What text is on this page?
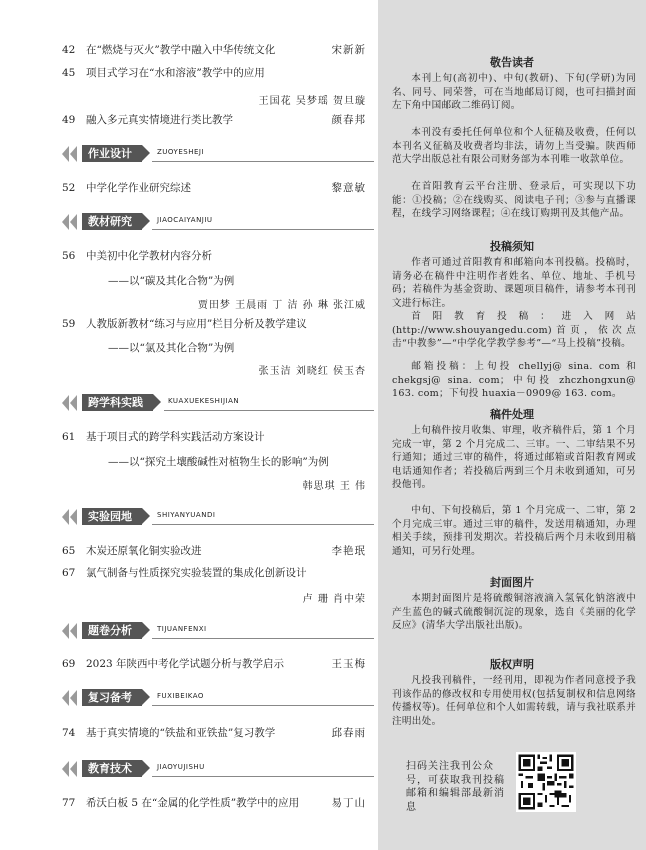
42	在“燃烧与灭火”教学中融入中华传统文化	宋新新
45	项目式学习在“水和溶液”教学中的应用
王国花 吴梦瑶 贺旦璇
49	融入多元真实情境进行类比教学	颜春邦
作业设计	ZUOYESHEJI
52	中学化学作业研究综述	黎意敏
教材研究	JIAOCAIYANJIU
56	中美初中化学教材内容分析
——以“碳及其化合物”为例
贾田梦 王晨雨 丁 洁 孙 琳 张江威
59	人教版新教材“练习与应用”栏目分析及教学建议
——以“氯及其化合物”为例
张玉洁 刘晓红 侯玉杏
跨学科实践	KUAXUEKESHIJIAN
61	基于项目式的跨学科实践活动方案设计
——以“探究土壤酸碱性对植物生长的影响”为例
韩思琪 王 伟
实验园地	SHIYANYUANDI
65	木炭还原氧化铜实验改进	李艳珉
67	氯气制备与性质探究实验装置的集成化创新设计
卢 珊 肖中荣
题卷分析	TIJUANFENXI
69	2023 年陕西中考化学试题分析与教学启示	王玉梅
复习备考	FUXIBEIKAO
74	基于真实情境的“铁盐和亚铁盐”复习教学	邱春雨
教育技术	JIAOYUJISHU
77	希沃白板 5 在“金属的化学性质”教学中的应用	易丁山
敬告读者
本刊上旬(高初中)、中旬(教研)、下旬(学研)为同名、同号、同荣誉，可在当地邮局订阅，也可扫描封面左下角中国邮政二维码订阅。
本刊没有委托任何单位和个人征稿及收费，任何以本刊名义征稿及收费者均非法，请勿上当受骗。陕西师范大学出版总社有限公司财务部为本刊唯一收款单位。
在首阳教育云平台注册、登录后，可实现以下功能：①投稿；②在线购买、阅读电子刊；③参与直播课程，在线学习网络课程；④在线订购期刊及其他产品。
投稿须知
作者可通过首阳教育和邮箱向本刊投稿。投稿时，请务必在稿件中注明作者姓名、单位、地址、手机号码；若稿件为基金资助、课题项目稿件，请参考本刊刊文进行标注。
首阳教育投稿：进入网站(http://www.shouyangedu.com)首页，依次点击“中教参”—“中学化学教学参考”—“马上投稿”投稿。
邮箱投稿：上旬投 chellyj@ sina. com 和 chekgsj@ sina. com；中旬投 zhczhongxun@ 163. com；下旬投 huaxia－0909@ 163. com。
稿件处理
上旬稿件按月收集、审理，收齐稿件后，第 1 个月完成一审，第 2 个月完成二、三审。一、二审结果不另行通知；通过三审的稿件，将通过邮箱或首阳教育网或电话通知作者；若投稿后两到三个月未收到通知，可另投他刊。
中旬、下旬投稿后，第 1 个月完成一、二审，第 2 个月完成三审。通过三审的稿件，发送用稿通知，办理相关手续，预排刊发期次。若投稿后两个月未收到用稿通知，可另行处理。
封面图片
本期封面图片是将硫酸铜溶液滴入氢氧化钠溶液中产生蓝色的碱式硫酸铜沉淀的现象，选自《美丽的化学反应》(清华大学出版社出版)。
版权声明
凡投我刊稿件，一经刊用，即视为作者同意授予我刊该作品的修改权和专用使用权(包括复制权和信息网络传播权等)。任何单位和个人如需转载，请与我社联系并注明出处。
扫码关注我刊公众号，可获取我刊投稿邮箱和编辑部最新消息
